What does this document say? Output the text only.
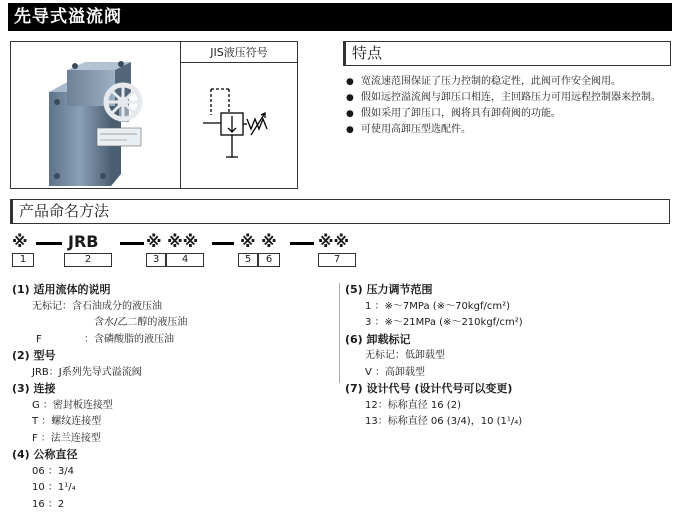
先导式溢流阀
JIS液压符号	特点
● 宽流速范围保证了压力控制的稳定性，此阀可作安全阀用。
● 假如远控溢流阀与卸压口相连，主回路压力可用远程控制器来控制。
● 假如采用了卸压口，阀将具有卸荷阀的功能。
● 可使用高卸压型选配件。
产品命名方法
※	JRB	※ ※※	※ ※	※※
1	2	3	4	5	6	7
(1) 适用流体的说明
无标记：含石油成分的液压油
含水/乙二醇的液压油
F	：含磷酸脂的液压油
(2) 型号
JRB：J系列先导式溢流阀
(3) 连接
G ：密封板连接型
T ：螺纹连接型
F ：法兰连接型
(4) 公称直径
06 ：3/4
10 ：1¹/₄
16 ：2
(5) 压力调节范围
1 ：※～7MPa (※～70kgf/cm²)
3 ：※～21MPa (※～210kgf/cm²)
(6) 卸载标记
无标记：低卸载型
V ：高卸载型
(7) 设计代号 (设计代号可以变更)
12：标称直径 16 (2)
13：标称直径 06 (3/4)，10 (1¹/₄)
